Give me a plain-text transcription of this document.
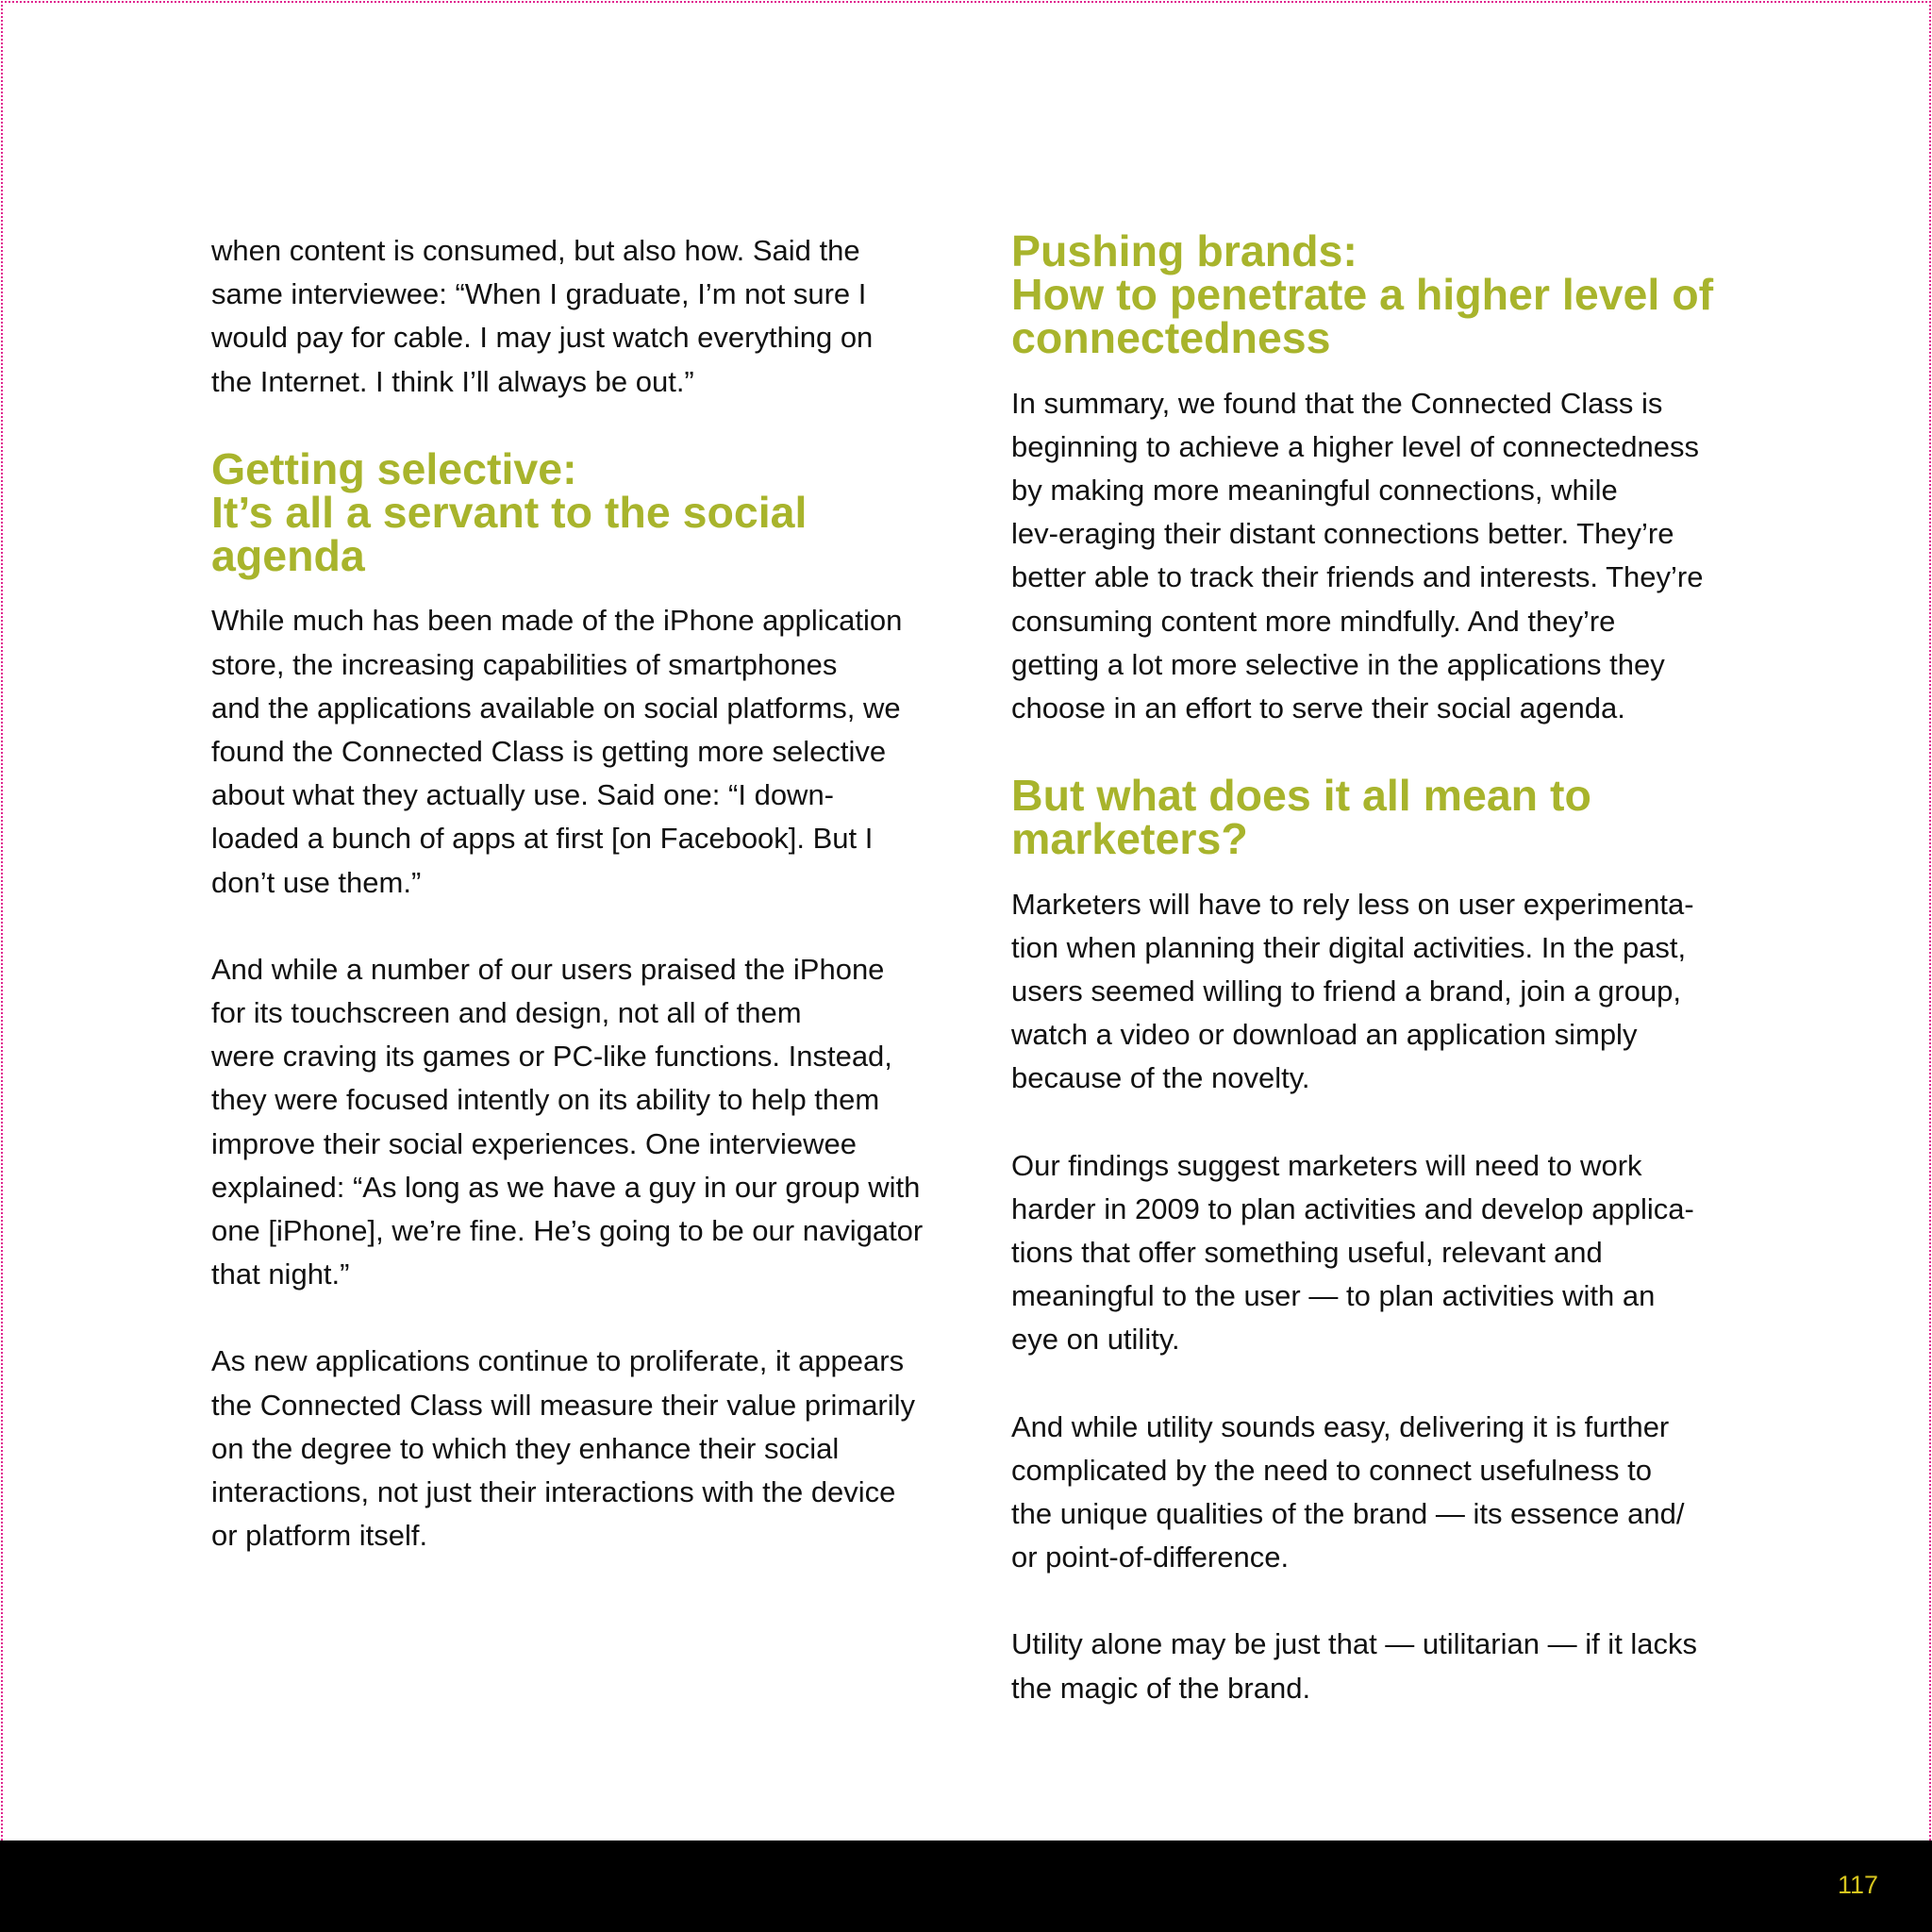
when content is consumed, but also how. Said the
same interviewee: “When I graduate, I’m not sure I
would pay for cable. I may just watch everything on
the Internet. I think I’ll always be out.”

Getting selective:
It’s all a servant to the social agenda

While much has been made of the iPhone application
store, the increasing capabilities of smartphones
and the applications available on social platforms, we
found the Connected Class is getting more selective
about what they actually use. Said one: “I down-
loaded a bunch of apps at first [on Facebook]. But I
don’t use them.”

And while a number of our users praised the iPhone
for its touchscreen and design, not all of them
were craving its games or PC-like functions. Instead,
they were focused intently on its ability to help them
improve their social experiences. One interviewee
explained: “As long as we have a guy in our group with
one [iPhone], we’re fine. He’s going to be our navigator
that night.”

As new applications continue to proliferate, it appears
the Connected Class will measure their value primarily
on the degree to which they enhance their social
interactions, not just their interactions with the device
or platform itself.

Pushing brands:
How to penetrate a higher level of connectedness

In summary, we found that the Connected Class is
beginning to achieve a higher level of connectedness
by making more meaningful connections, while
lev-eraging their distant connections better. They’re
better able to track their friends and interests. They’re
consuming content more mindfully. And they’re
getting a lot more selective in the applications they
choose in an effort to serve their social agenda.

But what does it all mean to marketers?

Marketers will have to rely less on user experimenta-
tion when planning their digital activities. In the past,
users seemed willing to friend a brand, join a group,
watch a video or download an application simply
because of the novelty.

Our findings suggest marketers will need to work
harder in 2009 to plan activities and develop applica-
tions that offer something useful, relevant and
meaningful to the user — to plan activities with an
eye on utility.

And while utility sounds easy, delivering it is further
complicated by the need to connect usefulness to
the unique qualities of the brand — its essence and/
or point-of-difference.

Utility alone may be just that — utilitarian — if it lacks
the magic of the brand.

117
